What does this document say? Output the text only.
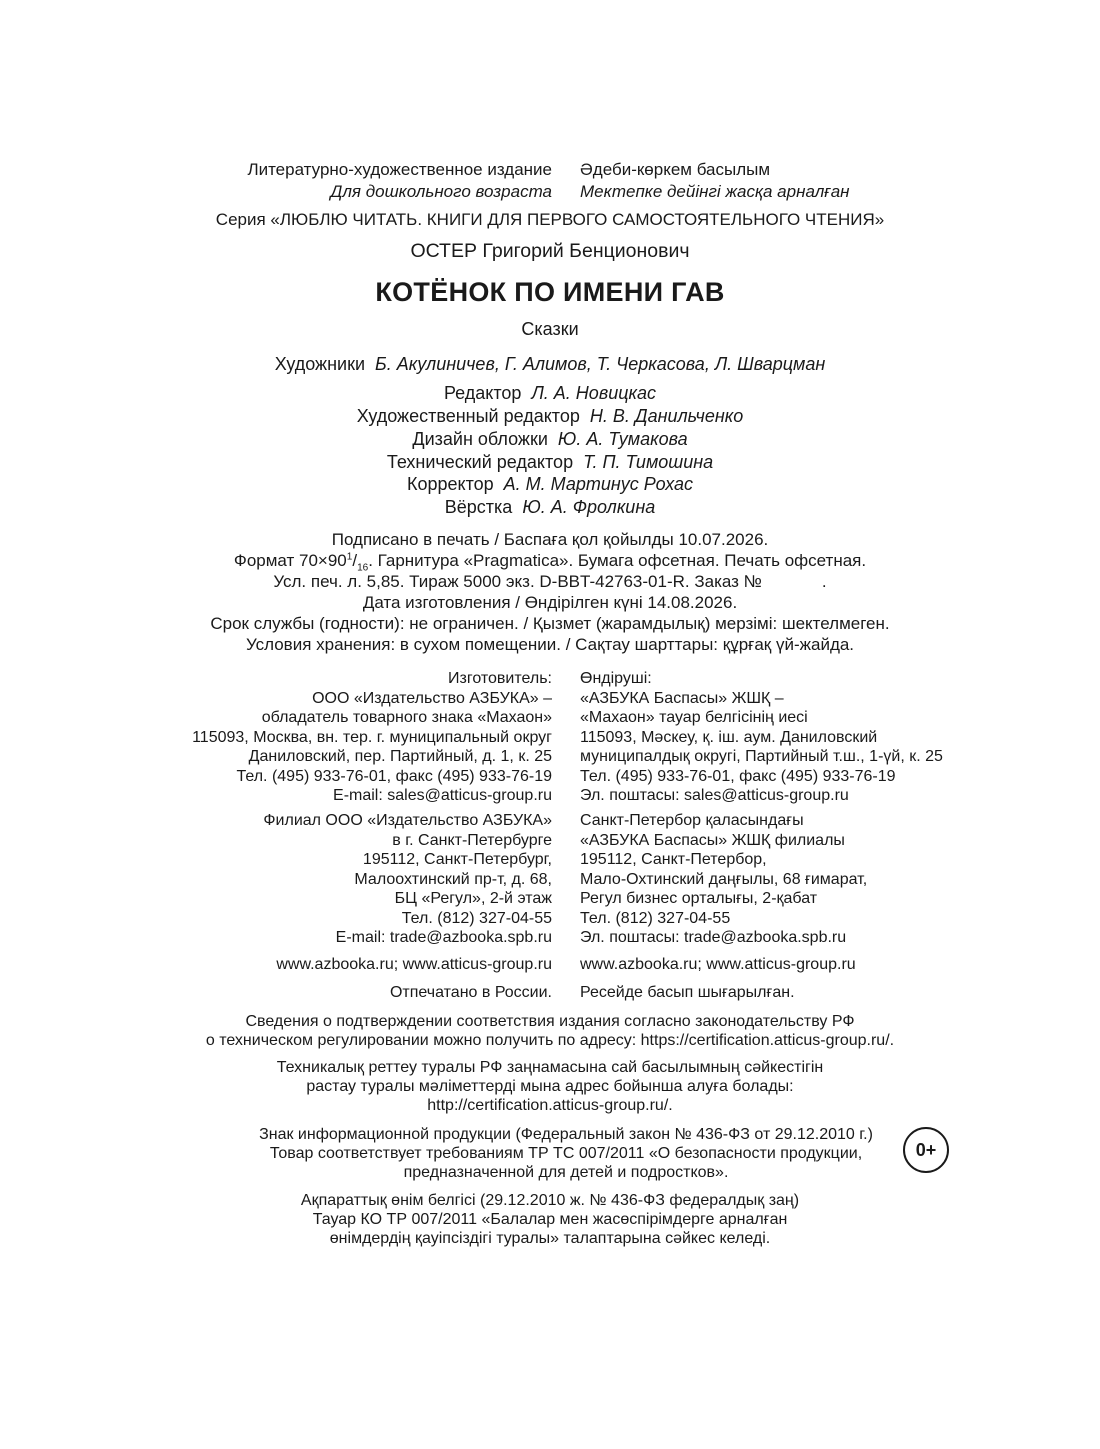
Литературно-художественное издание Әдеби-көркем басылым
Для дошкольного возраста Мектепке дейінгі жасқа арналған
Серия «ЛЮБЛЮ ЧИТАТЬ. КНИГИ ДЛЯ ПЕРВОГО САМОСТОЯТЕЛЬНОГО ЧТЕНИЯ»
ОСТЕР Григорий Бенционович
КОТЁНОК ПО ИМЕНИ ГАВ
Сказки
Художники Б. Акулиничев, Г. Алимов, Т. Черкасова, Л. Шварцман
Редактор Л. А. Новицкас
Художественный редактор Н. В. Данильченко
Дизайн обложки Ю. А. Тумакова
Технический редактор Т. П. Тимошина
Корректор А. М. Мартинус Рохас
Вёрстка Ю. А. Фролкина
Подписано в печать / Баспаға қол қойылды 10.07.2026.
Формат $70\times 90^1/_{16}$. Гарнитура «Pragmatica». Бумага офсетная. Печать офсетная.
Усл. печ. л. 5,85. Тираж 5000 экз. D-BBT-42763-01-R. Заказ №	.
Дата изготовления / Өндірілген күні 14.08.2026.
Срок службы (годности): не ограничен. / Қызмет (жарамдылық) мерзімі: шектелмеген.
Условия хранения: в сухом помещении. / Сақтау шарттары: құрғақ үй-жайда.
Изготовитель:
ООО «Издательство АЗБУКА» –
обладатель товарного знака «Махаон»
115093, Москва, вн. тер. г. муниципальный округ
Даниловский, пер. Партийный, д. 1, к. 25
Тел. (495) 933-76-01, факс (495) 933-76-19
E-mail: sales@atticus-group.ru
Өндіруші:
«АЗБУКА Баспасы» ЖШҚ –
«Махаон» тауар белгісінің иесі
115093, Мәскеу, қ. іш. аум. Даниловский
муниципалдық округі, Партийный т.ш., 1-үй, к. 25
Тел. (495) 933-76-01, факс (495) 933-76-19
Эл. поштасы: sales@atticus-group.ru
Филиал ООО «Издательство АЗБУКА»
в г. Санкт-Петербурге
195112, Санкт-Петербург,
Малоохтинский пр-т, д. 68,
БЦ «Регул», 2-й этаж
Тел. (812) 327-04-55
E-mail: trade@azbooka.spb.ru
Санкт-Петербор қаласындағы
«АЗБУКА Баспасы» ЖШҚ филиалы
195112, Санкт-Петербор,
Мало-Охтинский даңғылы, 68 ғимарат,
Регул бизнес орталығы, 2-қабат
Тел. (812) 327-04-55
Эл. поштасы: trade@azbooka.spb.ru
www.azbooka.ru; www.atticus-group.ru www.azbooka.ru; www.atticus-group.ru
Отпечатано в России. Ресейде басып шығарылған.
Сведения о подтверждении соответствия издания согласно законодательству РФ
о техническом регулировании можно получить по адресу: https://certification.atticus-group.ru/.
Техникалық реттеу туралы РФ заңнамасына сай басылымның сәйкестігін
растау туралы мәліметтерді мына адрес бойынша алуға болады:
http://certification.atticus-group.ru/.
Знак информационной продукции (Федеральный закон № 436-ФЗ от 29.12.2010 г.)
Товар соответствует требованиям ТР ТС 007/2011 «О безопасности продукции,
предназначенной для детей и подростков».
0+
Ақпараттық өнім белгісі (29.12.2010 ж. № 436-ФЗ федералдық заң)
Тауар КО ТР 007/2011 «Балалар мен жасөспірімдерге арналған
өнімдердің қауіпсіздігі туралы» талаптарына сәйкес келеді.
